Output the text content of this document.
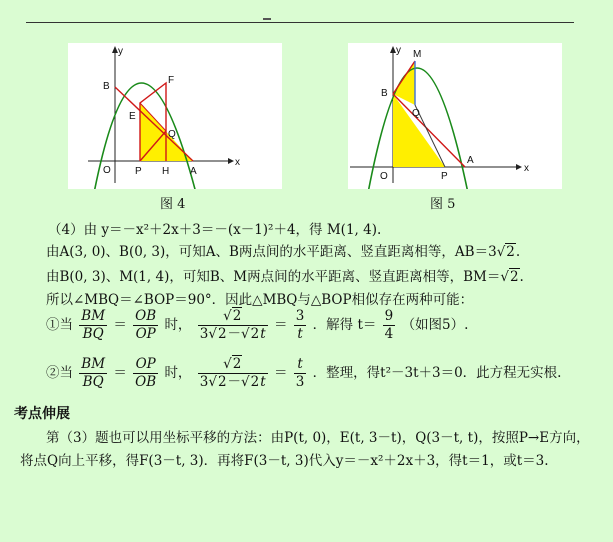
y
x
B
F
E
Q
O P H A
图 4
y
x
M
B
Q
A
O	P
图 5
（4）由 y＝－x²＋2x＋3＝－(x－1)²＋4，得 M(1, 4).
由A(3, 0)、B(0, 3)，可知A、B两点间的水平距离、竖直距离相等，AB＝3√2.
由B(0, 3)、M(1, 4)，可知B、M两点间的水平距离、竖直距离相等，BM＝√2.
所以∠MBQ＝∠BOP＝90°．因此△MBQ与△BOP相似存在两种可能：
①当 $\frac{BM}{BQ} = \frac{OB}{OP}$ 时， $\frac{√2}{3√2-√2t} = \frac{3}{t}$ ．解得 $t= \frac{9}{4}$ （如图5）.
②当 $\frac{BM}{BQ} = \frac{OP}{OB}$ 时， $\frac{√2}{3√2-√2t} = \frac{t}{3}$ ．整理，得t²－3t＋3＝0．此方程无实根.
考点伸展
第（3）题也可以用坐标平移的方法：由P(t, 0)，E(t, 3－t)，Q(3－t, t)，按照P→E方向，
将点Q向上平移，得F(3－t, 3)．再将F(3－t, 3)代入y＝－x²＋2x＋3，得t＝1，或t＝3.
